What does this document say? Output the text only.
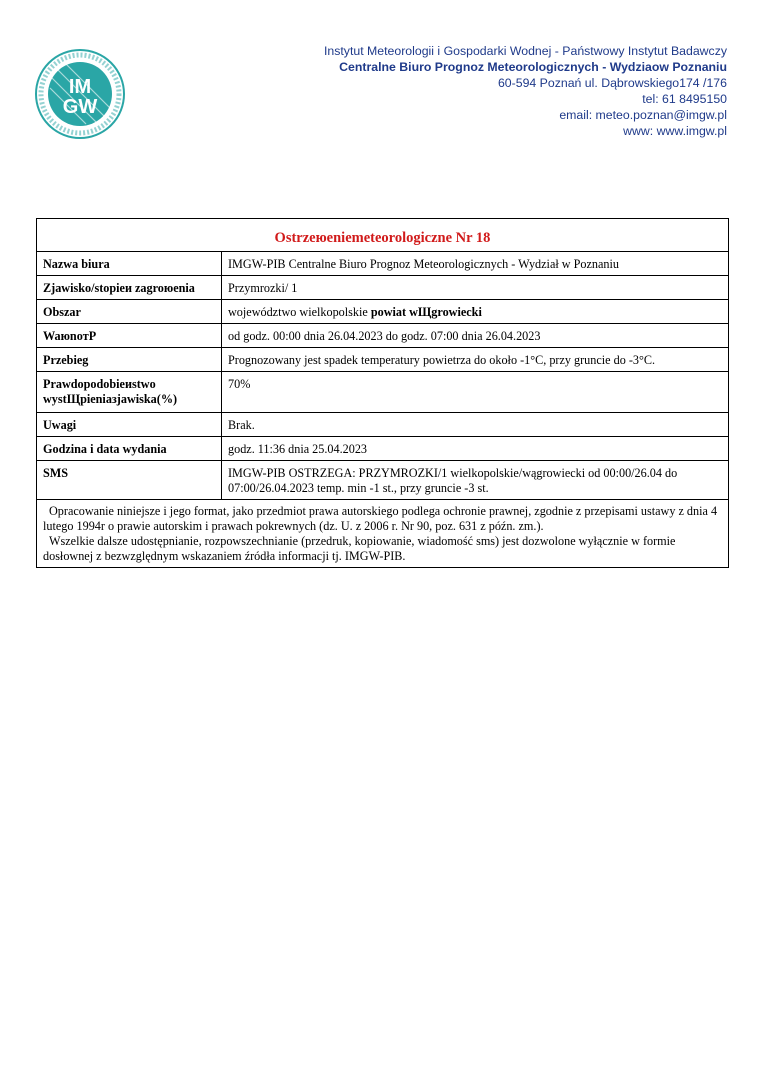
IM
GW
Instytut Meteorologii i Gospodarki Wodnej - Państwowy Instytut Badawczy
Centralne Biuro Prognoz Meteorologicznych - Wydziaow Poznaniu
60-594 Poznań ul. Dąbrowskiego174 /176
tel: 61 8495150
email: meteo.poznan@imgw.pl
www: www.imgw.pl
Ostrzeюeniemeteorologiczne Nr 18
Nazwa biura	IMGW-PIB Centralne Biuro Prognoz Meteorologicznych - Wydział w Poznaniu
Zjawisko/stopieи zagroюenia	Przymrozki/ 1
Obszar	województwo wielkopolskie powiat wЩgrowiecki
WaюnoтР	od godz. 00:00 dnia 26.04.2023 do godz. 07:00 dnia 26.04.2023
Przebieg	Prognozowany jest spadek temperatury powietrza do około -1°C, przy gruncie do -3°C.
Prawdopodobieиstwo wystЩpieniaзjawiska(%)	70%
Uwagi	Brak.
Godzina i data wydania	godz. 11:36 dnia 25.04.2023
SMS	IMGW-PIB OSTRZEGA: PRZYMROZKI/1 wielkopolskie/wągrowiecki od 00:00/26.04 do 07:00/26.04.2023 temp. min -1 st., przy gruncie -3 st.

Opracowanie niniejsze i jego format, jako przedmiot prawa autorskiego podlega ochronie prawnej, zgodnie z przepisami ustawy z dnia 4 lutego 1994r o prawie autorskim i prawach pokrewnych (dz. U. z 2006 r. Nr 90, poz. 631 z późn. zm.).

Wszelkie dalsze udostępnianie, rozpowszechnianie (przedruk, kopiowanie, wiadomość sms) jest dozwolone wyłącznie w formie dosłownej z bezwzględnym wskazaniem źródła informacji tj. IMGW-PIB.
